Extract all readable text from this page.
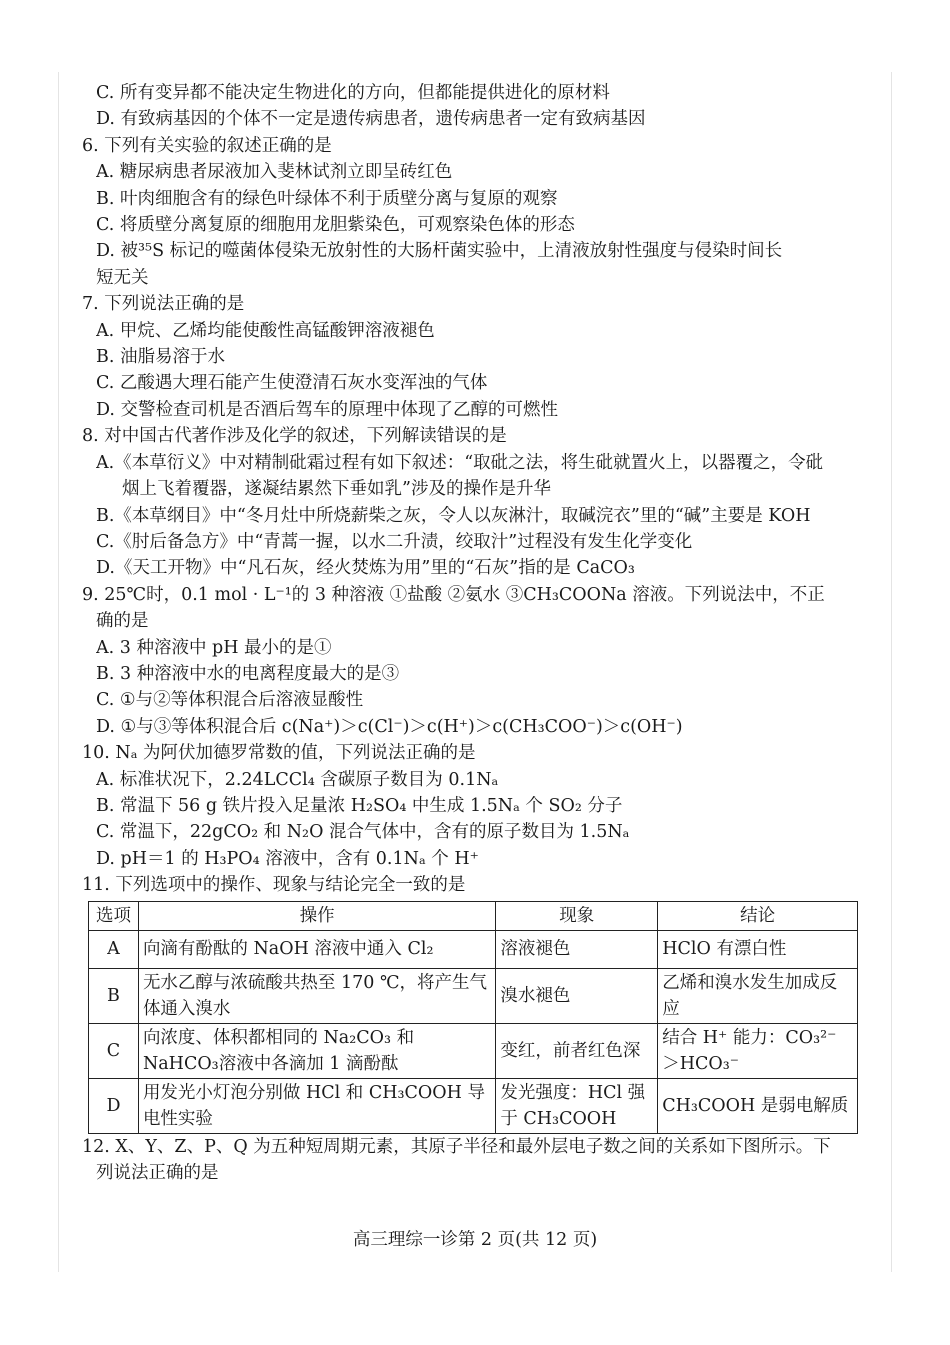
C. 所有变异都不能决定生物进化的方向，但都能提供进化的原材料
D. 有致病基因的个体不一定是遗传病患者，遗传病患者一定有致病基因
6. 下列有关实验的叙述正确的是
A. 糖尿病患者尿液加入斐林试剂立即呈砖红色
B. 叶肉细胞含有的绿色叶绿体不利于质壁分离与复原的观察
C. 将质壁分离复原的细胞用龙胆紫染色，可观察染色体的形态
D. 被³⁵S 标记的噬菌体侵染无放射性的大肠杆菌实验中，上清液放射性强度与侵染时间长
短无关
7. 下列说法正确的是
A. 甲烷、乙烯均能使酸性高锰酸钾溶液褪色
B. 油脂易溶于水
C. 乙酸遇大理石能产生使澄清石灰水变浑浊的气体
D. 交警检查司机是否酒后驾车的原理中体现了乙醇的可燃性
8. 对中国古代著作涉及化学的叙述，下列解读错误的是
A.《本草衍义》中对精制砒霜过程有如下叙述：“取砒之法，将生砒就置火上，以器覆之，令砒
烟上飞着覆器，遂凝结累然下垂如乳”涉及的操作是升华
B.《本草纲目》中“冬月灶中所烧薪柴之灰，令人以灰淋汁，取碱浣衣”里的“碱”主要是 KOH
C.《肘后备急方》中“青蒿一握，以水二升渍，绞取汁”过程没有发生化学变化
D.《天工开物》中“凡石灰，经火焚炼为用”里的“石灰”指的是 CaCO₃
9. 25℃时，0.1 mol · L⁻¹的 3 种溶液 ①盐酸 ②氨水 ③CH₃COONa 溶液。下列说法中，不正
确的是
A. 3 种溶液中 pH 最小的是①
B. 3 种溶液中水的电离程度最大的是③
C. ①与②等体积混合后溶液显酸性
D. ①与③等体积混合后 c(Na⁺)＞c(Cl⁻)＞c(H⁺)＞c(CH₃COO⁻)＞c(OH⁻)
10. Nₐ 为阿伏加德罗常数的值，下列说法正确的是
A. 标准状况下，2.24LCCl₄ 含碳原子数目为 0.1Nₐ
B. 常温下 56 g 铁片投入足量浓 H₂SO₄ 中生成 1.5Nₐ 个 SO₂ 分子
C. 常温下，22gCO₂ 和 N₂O 混合气体中，含有的原子数目为 1.5Nₐ
D. pH＝1 的 H₃PO₄ 溶液中，含有 0.1Nₐ 个 H⁺
11. 下列选项中的操作、现象与结论完全一致的是
选项	操作	现象	结论
A	向滴有酚酞的 NaOH 溶液中通入 Cl₂	溶液褪色	HClO 有漂白性
B	无水乙醇与浓硫酸共热至 170 ℃，将产生气体通入溴水	溴水褪色	乙烯和溴水发生加成反应
C	向浓度、体积都相同的 Na₂CO₃ 和 NaHCO₃溶液中各滴加 1 滴酚酞	变红，前者红色深	结合 H⁺ 能力：CO₃²⁻＞HCO₃⁻
D	用发光小灯泡分别做 HCl 和 CH₃COOH 导电性实验	发光强度：HCl 强于 CH₃COOH	CH₃COOH 是弱电解质
12. X、Y、Z、P、Q 为五种短周期元素，其原子半径和最外层电子数之间的关系如下图所示。下
列说法正确的是
高三理综一诊第 2 页(共 12 页)
